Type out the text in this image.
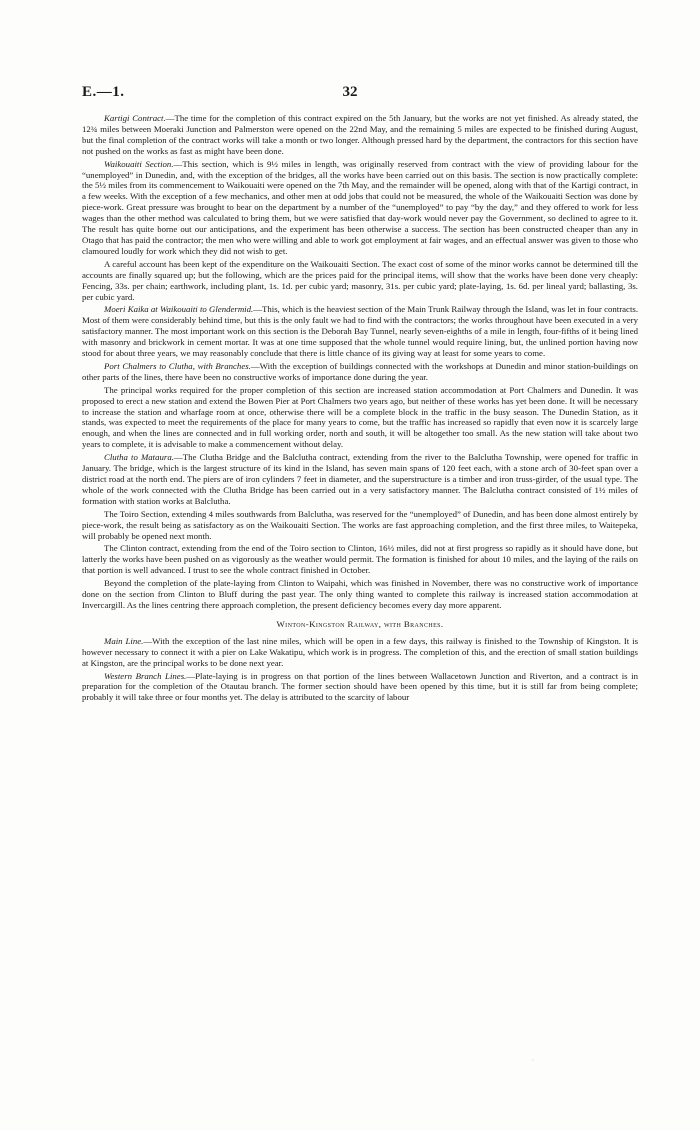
E.—1.	32

Kartigi Contract.—The time for the completion of this contract expired on the 5th January, but the works are not yet finished. As already stated, the 12¾ miles between Moeraki Junction and Palmerston were opened on the 22nd May, and the remaining 5 miles are expected to be finished during August, but the final completion of the contract works will take a month or two longer. Although pressed hard by the department, the contractors for this section have not pushed on the works as fast as might have been done.

Waikouaiti Section.—This section, which is 9½ miles in length, was originally reserved from contract with the view of providing labour for the “unemployed” in Dunedin, and, with the exception of the bridges, all the works have been carried out on this basis. The section is now practically complete: the 5½ miles from its commencement to Waikouaiti were opened on the 7th May, and the remainder will be opened, along with that of the Kartigi contract, in a few weeks. With the exception of a few mechanics, and other men at odd jobs that could not be measured, the whole of the Waikouaiti Section was done by piece-work. Great pressure was brought to bear on the department by a number of the “unemployed” to pay “by the day,” and they offered to work for less wages than the other method was calculated to bring them, but we were satisfied that day-work would never pay the Government, so declined to agree to it. The result has quite borne out our anticipations, and the experiment has been otherwise a success. The section has been constructed cheaper than any in Otago that has paid the contractor; the men who were willing and able to work got employment at fair wages, and an effectual answer was given to those who clamoured loudly for work which they did not wish to get.

A careful account has been kept of the expenditure on the Waikouaiti Section. The exact cost of some of the minor works cannot be determined till the accounts are finally squared up; but the following, which are the prices paid for the principal items, will show that the works have been done very cheaply: Fencing, 33s. per chain; earthwork, including plant, 1s. 1d. per cubic yard; masonry, 31s. per cubic yard; plate-laying, 1s. 6d. per lineal yard; ballasting, 3s. per cubic yard.

Moeri Kaika at Waikouaiti to Glendermid.—This, which is the heaviest section of the Main Trunk Railway through the Island, was let in four contracts. Most of them were considerably behind time, but this is the only fault we had to find with the contractors; the works throughout have been executed in a very satisfactory manner. The most important work on this section is the Deborah Bay Tunnel, nearly seven-eighths of a mile in length, four-fifths of it being lined with masonry and brickwork in cement mortar. It was at one time supposed that the whole tunnel would require lining, but, the unlined portion having now stood for about three years, we may reasonably conclude that there is little chance of its giving way at least for some years to come.

Port Chalmers to Clutha, with Branches.—With the exception of buildings connected with the workshops at Dunedin and minor station-buildings on other parts of the lines, there have been no constructive works of importance done during the year.

The principal works required for the proper completion of this section are increased station accommodation at Port Chalmers and Dunedin. It was proposed to erect a new station and extend the Bowen Pier at Port Chalmers two years ago, but neither of these works has yet been done. It will be necessary to increase the station and wharfage room at once, otherwise there will be a complete block in the traffic in the busy season. The Dunedin Station, as it stands, was expected to meet the requirements of the place for many years to come, but the traffic has increased so rapidly that even now it is scarcely large enough, and when the lines are connected and in full working order, north and south, it will be altogether too small. As the new station will take about two years to complete, it is advisable to make a commencement without delay.

Clutha to Mataura.—The Clutha Bridge and the Balclutha contract, extending from the river to the Balclutha Township, were opened for traffic in January. The bridge, which is the largest structure of its kind in the Island, has seven main spans of 120 feet each, with a stone arch of 30-feet span over a district road at the north end. The piers are of iron cylinders 7 feet in diameter, and the superstructure is a timber and iron truss-girder, of the usual type. The whole of the work connected with the Clutha Bridge has been carried out in a very satisfactory manner. The Balclutha contract consisted of 1½ miles of formation with station works at Balclutha.

The Toiro Section, extending 4 miles southwards from Balclutha, was reserved for the “unemployed” of Dunedin, and has been done almost entirely by piece-work, the result being as satisfactory as on the Waikouaiti Section. The works are fast approaching completion, and the first three miles, to Waitepeka, will probably be opened next month.

The Clinton contract, extending from the end of the Toiro section to Clinton, 16½ miles, did not at first progress so rapidly as it should have done, but latterly the works have been pushed on as vigorously as the weather would permit. The formation is finished for about 10 miles, and the laying of the rails on that portion is well advanced. I trust to see the whole contract finished in October.

Beyond the completion of the plate-laying from Clinton to Waipahi, which was finished in November, there was no constructive work of importance done on the section from Clinton to Bluff during the past year. The only thing wanted to complete this railway is increased station accommodation at Invercargill. As the lines centring there approach completion, the present deficiency becomes every day more apparent.

Winton-Kingston Railway, with Branches.

Main Line.—With the exception of the last nine miles, which will be open in a few days, this railway is finished to the Township of Kingston. It is however necessary to connect it with a pier on Lake Wakatipu, which work is in progress. The completion of this, and the erection of small station buildings at Kingston, are the principal works to be done next year.

Western Branch Lines.—Plate-laying is in progress on that portion of the lines between Wallacetown Junction and Riverton, and a contract is in preparation for the completion of the Otautau branch. The former section should have been opened by this time, but it is still far from being complete; probably it will take three or four months yet. The delay is attributed to the scarcity of labour

·
